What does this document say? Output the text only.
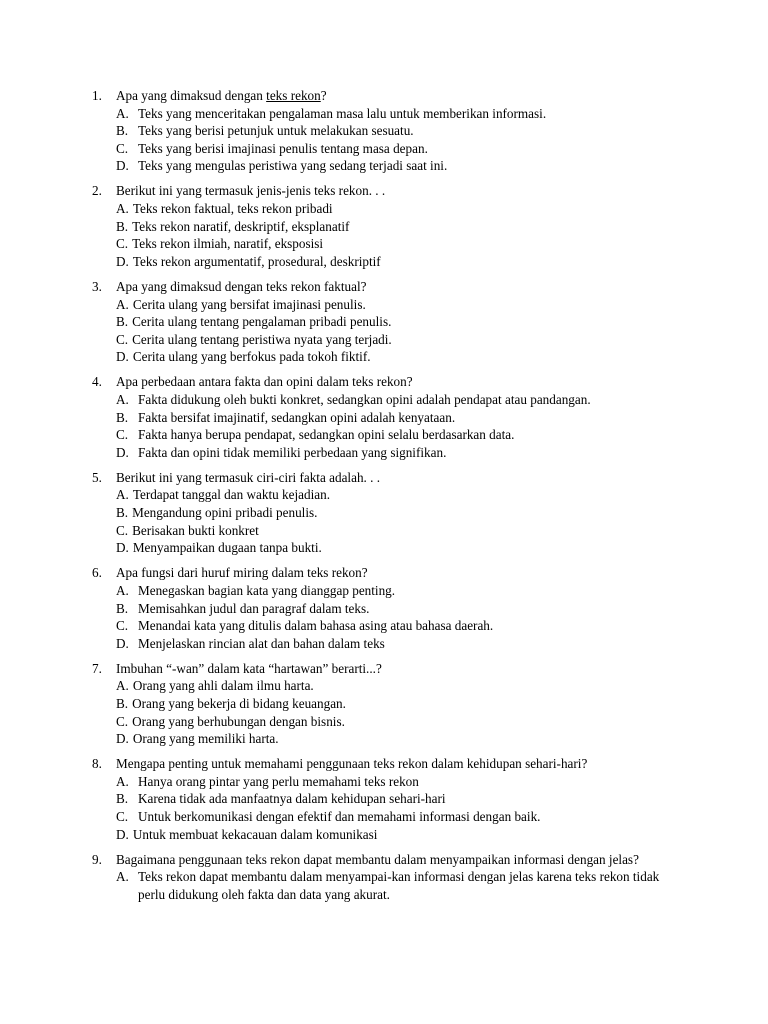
1. Apa yang dimaksud dengan teks rekon?
A. Teks yang menceritakan pengalaman masa lalu untuk memberikan informasi.
B. Teks yang berisi petunjuk untuk melakukan sesuatu.
C. Teks yang berisi imajinasi penulis tentang masa depan.
D. Teks yang mengulas peristiwa yang sedang terjadi saat ini.
2. Berikut ini yang termasuk jenis-jenis teks rekon. . .
A. Teks rekon faktual, teks rekon pribadi
B. Teks rekon naratif, deskriptif, eksplanatif
C. Teks rekon ilmiah, naratif, eksposisi
D. Teks rekon argumentatif, prosedural, deskriptif
3. Apa yang dimaksud dengan teks rekon faktual?
A. Cerita ulang yang bersifat imajinasi penulis.
B. Cerita ulang tentang pengalaman pribadi penulis.
C. Cerita ulang tentang peristiwa nyata yang terjadi.
D. Cerita ulang yang berfokus pada tokoh fiktif.
4. Apa perbedaan antara fakta dan opini dalam teks rekon?
A. Fakta didukung oleh bukti konkret, sedangkan opini adalah pendapat atau pandangan.
B. Fakta bersifat imajinatif, sedangkan opini adalah kenyataan.
C. Fakta hanya berupa pendapat, sedangkan opini selalu berdasarkan data.
D. Fakta dan opini tidak memiliki perbedaan yang signifikan.
5. Berikut ini yang termasuk ciri-ciri fakta adalah. . .
A. Terdapat tanggal dan waktu kejadian.
B. Mengandung opini pribadi penulis.
C. Berisakan bukti konkret
D. Menyampaikan dugaan tanpa bukti.
6. Apa fungsi dari huruf miring dalam teks rekon?
A. Menegaskan bagian kata yang dianggap penting.
B. Memisahkan judul dan paragraf dalam teks.
C. Menandai kata yang ditulis dalam bahasa asing atau bahasa daerah.
D. Menjelaskan rincian alat dan bahan dalam teks
7. Imbuhan “-wan” dalam kata “hartawan” berarti...?
A. Orang yang ahli dalam ilmu harta.
B. Orang yang bekerja di bidang keuangan.
C. Orang yang berhubungan dengan bisnis.
D. Orang yang memiliki harta.
8. Mengapa penting untuk memahami penggunaan teks rekon dalam kehidupan sehari-hari?
A. Hanya orang pintar yang perlu memahami teks rekon
B. Karena tidak ada manfaatnya dalam kehidupan sehari-hari
C. Untuk berkomunikasi dengan efektif dan memahami informasi dengan baik.
D. Untuk membuat kekacauan dalam komunikasi
9. Bagaimana penggunaan teks rekon dapat membantu dalam menyampaikan informasi dengan jelas?
A. Teks rekon dapat membantu dalam menyampai-kan informasi dengan jelas karena teks rekon tidak perlu didukung oleh fakta dan data yang akurat.
